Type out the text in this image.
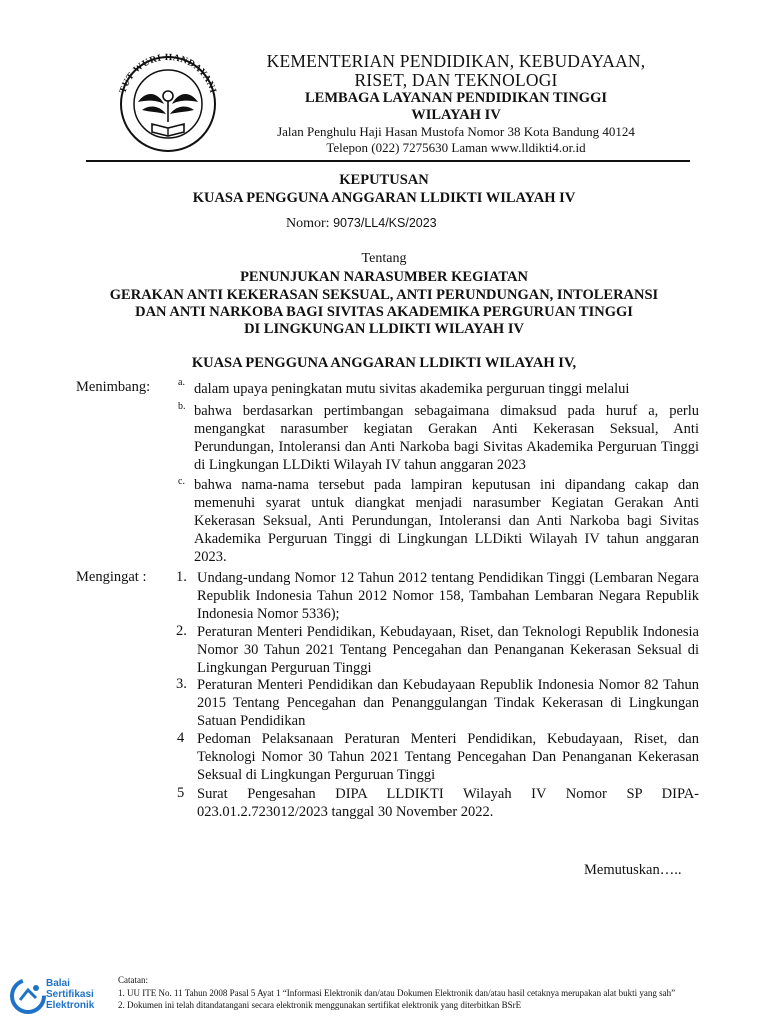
TUT WURI HANDAYANI
KEMENTERIAN PENDIDIKAN, KEBUDAYAAN,
RISET, DAN TEKNOLOGI
LEMBAGA LAYANAN PENDIDIKAN TINGGI
WILAYAH IV
Jalan Penghulu Haji Hasan Mustofa Nomor 38 Kota Bandung 40124
Telepon (022) 7275630 Laman www.lldikti4.or.id
KEPUTUSAN
KUASA PENGGUNA ANGGARAN LLDIKTI WILAYAH IV
Nomor: 9073/LL4/KS/2023
Tentang
PENUNJUKAN NARASUMBER KEGIATAN
GERAKAN ANTI KEKERASAN SEKSUAL, ANTI PERUNDUNGAN, INTOLERANSI
DAN ANTI NARKOBA BAGI SIVITAS AKADEMIKA PERGURUAN TINGGI
DI LINGKUNGAN LLDIKTI WILAYAH IV
KUASA PENGGUNA ANGGARAN LLDIKTI WILAYAH IV,
Menimbang:	a. dalam upaya peningkatan mutu sivitas akademika perguruan tinggi melalui
b. bahwa berdasarkan pertimbangan sebagaimana dimaksud pada huruf a, perlu mengangkat narasumber kegiatan Gerakan Anti Kekerasan Seksual, Anti Perundungan, Intoleransi dan Anti Narkoba bagi Sivitas Akademika Perguruan Tinggi di Lingkungan LLDikti Wilayah IV tahun anggaran 2023
c. bahwa nama-nama tersebut pada lampiran keputusan ini dipandang cakap dan memenuhi syarat untuk diangkat menjadi narasumber Kegiatan Gerakan Anti Kekerasan Seksual, Anti Perundungan, Intoleransi dan Anti Narkoba bagi Sivitas Akademika Perguruan Tinggi di Lingkungan LLDikti Wilayah IV tahun anggaran 2023.
Mengingat : 1. Undang-undang Nomor 12 Tahun 2012 tentang Pendidikan Tinggi (Lembaran Negara Republik Indonesia Tahun 2012 Nomor 158, Tambahan Lembaran Negara Republik Indonesia Nomor 5336);
2. Peraturan Menteri Pendidikan, Kebudayaan, Riset, dan Teknologi Republik Indonesia Nomor 30 Tahun 2021 Tentang Pencegahan dan Penanganan Kekerasan Seksual di Lingkungan Perguruan Tinggi
3. Peraturan Menteri Pendidikan dan Kebudayaan Republik Indonesia Nomor 82 Tahun 2015 Tentang Pencegahan dan Penanggulangan Tindak Kekerasan di Lingkungan Satuan Pendidikan
4 Pedoman Pelaksanaan Peraturan Menteri Pendidikan, Kebudayaan, Riset, dan Teknologi Nomor 30 Tahun 2021 Tentang Pencegahan Dan Penanganan Kekerasan Seksual di Lingkungan Perguruan Tinggi
5 Surat Pengesahan DIPA LLDIKTI Wilayah IV Nomor SP DIPA-023.01.2.723012/2023 tanggal 30 November 2022.
Memutuskan…..
Balai
Sertifikasi
Elektronik
Catatan:
1. UU ITE No. 11 Tahun 2008 Pasal 5 Ayat 1 “Informasi Elektronik dan/atau Dokumen Elektronik dan/atau hasil cetaknya merupakan alat bukti yang sah”
2. Dokumen ini telah ditandatangani secara elektronik menggunakan sertifikat elektronik yang diterbitkan BSrE
